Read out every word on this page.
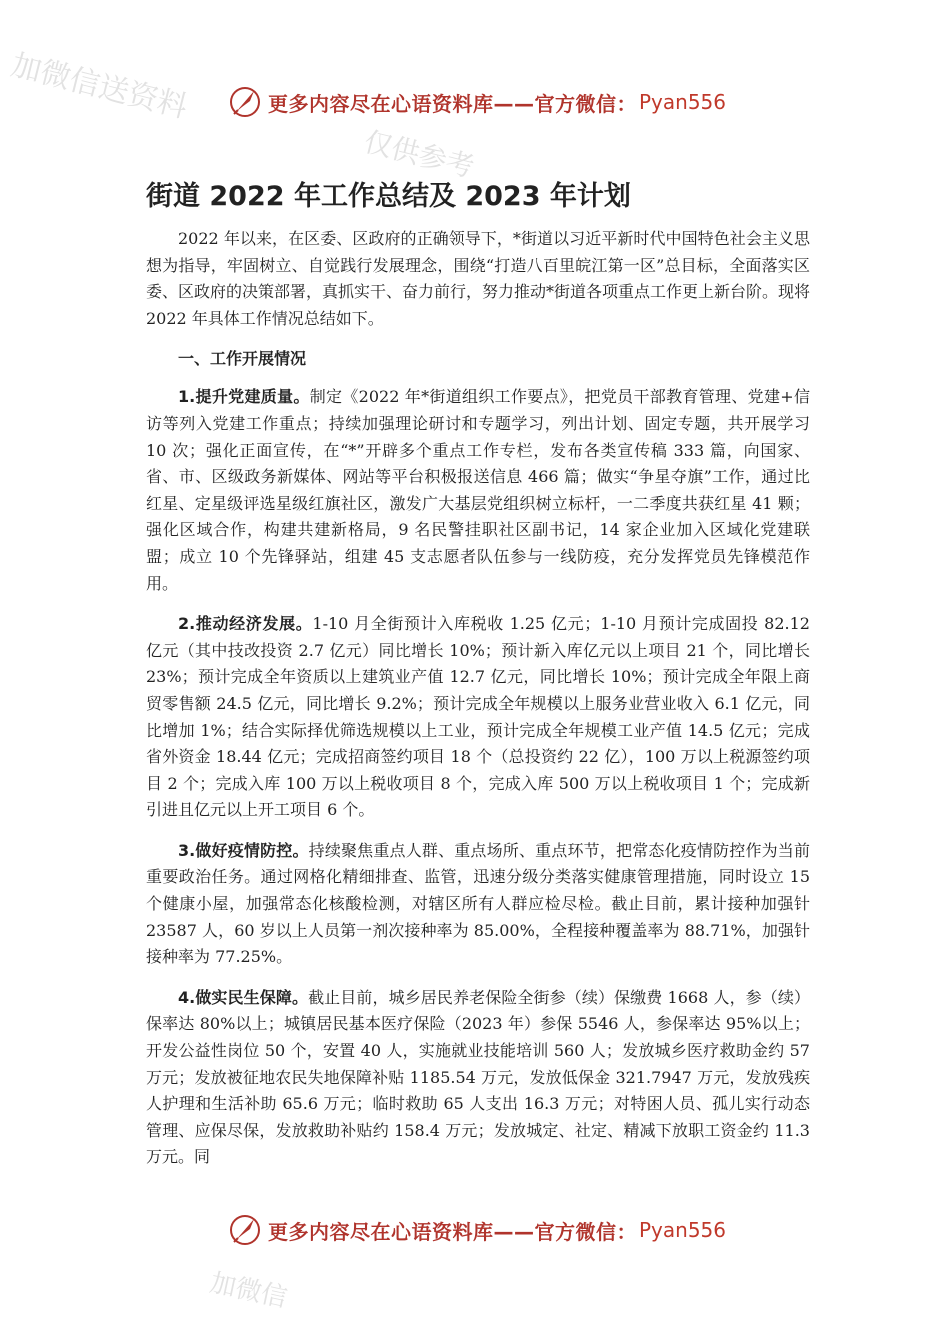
加微信送资料
仅供参考
更多内容尽在心语资料库——官方微信： Pyan556
街道 2022 年工作总结及 2023 年计划

2022 年以来，在区委、区政府的正确领导下，*街道以习近平新时代中国特色社会主义思想为指导，牢固树立、自觉践行发展理念，围绕“打造八百里皖江第一区”总目标，全面落实区委、区政府的决策部署，真抓实干、奋力前行，努力推动*街道各项重点工作更上新台阶。现将 2022 年具体工作情况总结如下。

一、工作开展情况

1.提升党建质量。制定《2022 年*街道组织工作要点》，把党员干部教育管理、党建+信访等列入党建工作重点；持续加强理论研讨和专题学习，列出计划、固定专题，共开展学习 10 次；强化正面宣传，在“*”开辟多个重点工作专栏，发布各类宣传稿 333 篇，向国家、省、市、区级政务新媒体、网站等平台积极报送信息 466 篇；做实“争星夺旗”工作，通过比红星、定星级评选星级红旗社区，激发广大基层党组织树立标杆，一二季度共获红星 41 颗；强化区域合作，构建共建新格局，9 名民警挂职社区副书记，14 家企业加入区域化党建联盟；成立 10 个先锋驿站，组建 45 支志愿者队伍参与一线防疫，充分发挥党员先锋模范作用。

2.推动经济发展。1-10 月全街预计入库税收 1.25 亿元；1-10 月预计完成固投 82.12 亿元（其中技改投资 2.7 亿元）同比增长 10%；预计新入库亿元以上项目 21 个，同比增长 23%；预计完成全年资质以上建筑业产值 12.7 亿元，同比增长 10%；预计完成全年限上商贸零售额 24.5 亿元，同比增长 9.2%；预计完成全年规模以上服务业营业收入 6.1 亿元，同比增加 1%；结合实际择优筛选规模以上工业，预计完成全年规模工业产值 14.5 亿元；完成省外资金 18.44 亿元；完成招商签约项目 18 个（总投资约 22 亿），100 万以上税源签约项目 2 个；完成入库 100 万以上税收项目 8 个，完成入库 500 万以上税收项目 1 个；完成新引进且亿元以上开工项目 6 个。

3.做好疫情防控。持续聚焦重点人群、重点场所、重点环节，把常态化疫情防控作为当前重要政治任务。通过网格化精细排查、监管，迅速分级分类落实健康管理措施，同时设立 15 个健康小屋，加强常态化核酸检测，对辖区所有人群应检尽检。截止目前，累计接种加强针 23587 人，60 岁以上人员第一剂次接种率为 85.00%，全程接种覆盖率为 88.71%，加强针接种率为 77.25%。

4.做实民生保障。截止目前，城乡居民养老保险全街参（续）保缴费 1668 人，参（续）保率达 80%以上；城镇居民基本医疗保险（2023 年）参保 5546 人，参保率达 95%以上；开发公益性岗位 50 个，安置 40 人，实施就业技能培训 560 人；发放城乡医疗救助金约 57 万元；发放被征地农民失地保障补贴 1185.54 万元，发放低保金 321.7947 万元，发放残疾人护理和生活补助 65.6 万元；临时救助 65 人支出 16.3 万元；对特困人员、孤儿实行动态管理、应保尽保，发放救助补贴约 158.4 万元；发放城定、社定、精减下放职工资金约 11.3 万元。同

更多内容尽在心语资料库——官方微信： Pyan556
加微信
